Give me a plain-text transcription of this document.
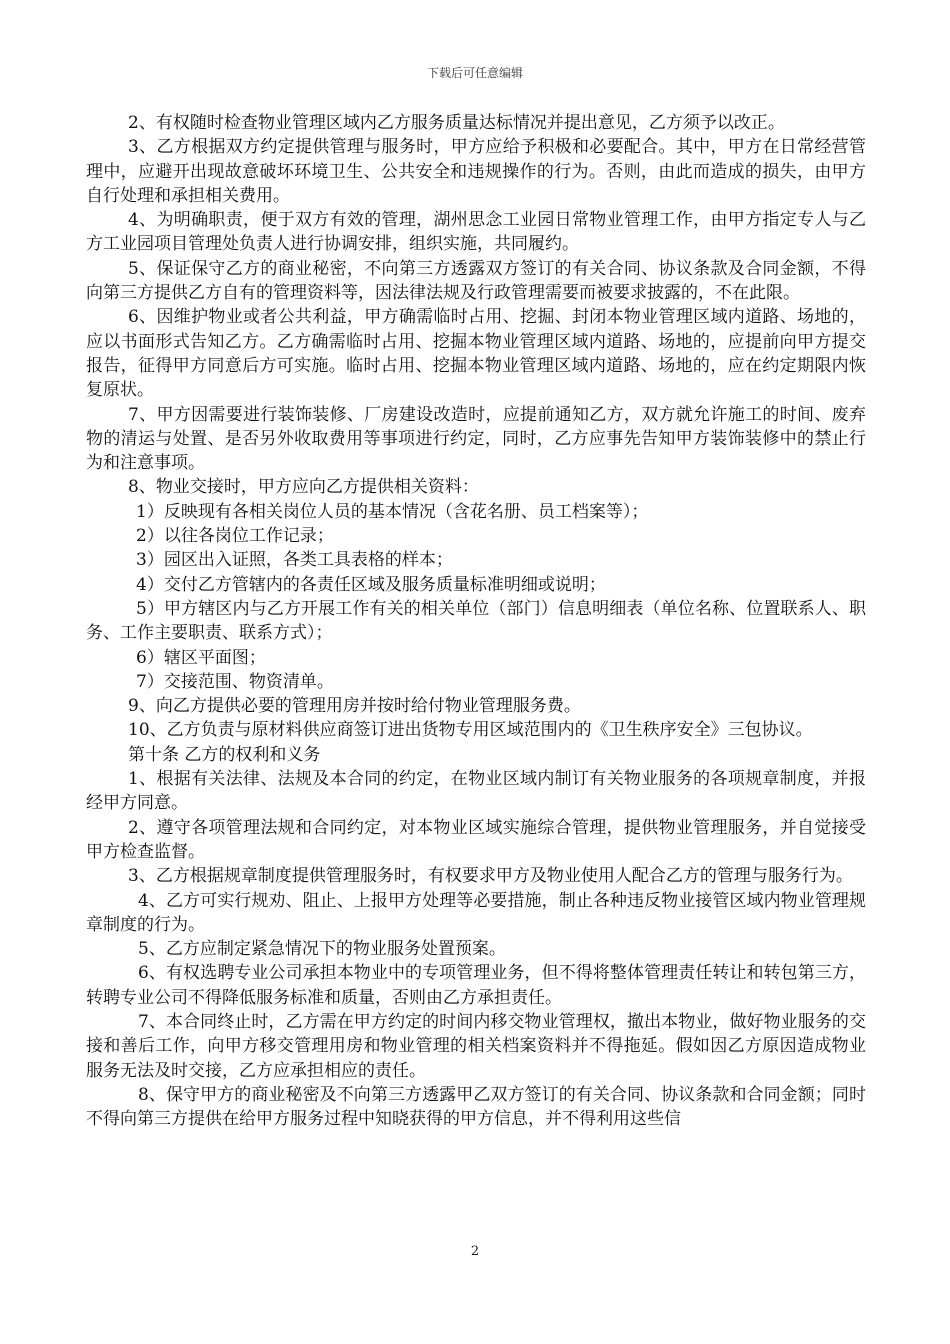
下载后可任意编辑

2、有权随时检查物业管理区域内乙方服务质量达标情况并提出意见，乙方须予以改正。

3、乙方根据双方约定提供管理与服务时，甲方应给予积极和必要配合。其中，甲方在日常经营管理中，应避开出现故意破坏环境卫生、公共安全和违规操作的行为。否则，由此而造成的损失，由甲方自行处理和承担相关费用。

4、为明确职责，便于双方有效的管理，湖州思念工业园日常物业管理工作，由甲方指定专人与乙方工业园项目管理处负责人进行协调安排，组织实施，共同履约。

5、保证保守乙方的商业秘密，不向第三方透露双方签订的有关合同、协议条款及合同金额，不得向第三方提供乙方自有的管理资料等，因法律法规及行政管理需要而被要求披露的，不在此限。

6、因维护物业或者公共利益，甲方确需临时占用、挖掘、封闭本物业管理区域内道路、场地的，应以书面形式告知乙方。乙方确需临时占用、挖掘本物业管理区域内道路、场地的，应提前向甲方提交报告，征得甲方同意后方可实施。临时占用、挖掘本物业管理区域内道路、场地的，应在约定期限内恢复原状。

7、甲方因需要进行装饰装修、厂房建设改造时，应提前通知乙方，双方就允许施工的时间、废弃物的清运与处置、是否另外收取费用等事项进行约定，同时，乙方应事先告知甲方装饰装修中的禁止行为和注意事项。

8、物业交接时，甲方应向乙方提供相关资料：

1）反映现有各相关岗位人员的基本情况（含花名册、员工档案等）；

2）以往各岗位工作记录；

3）园区出入证照，各类工具表格的样本；

4）交付乙方管辖内的各责任区域及服务质量标准明细或说明；

5）甲方辖区内与乙方开展工作有关的相关单位（部门）信息明细表（单位名称、位置联系人、职务、工作主要职责、联系方式）；

6）辖区平面图；

7）交接范围、物资清单。

9、向乙方提供必要的管理用房并按时给付物业管理服务费。

10、乙方负责与原材料供应商签订进出货物专用区域范围内的《卫生秩序安全》三包协议。

第十条 乙方的权利和义务

1、根据有关法律、法规及本合同的约定，在物业区域内制订有关物业服务的各项规章制度，并报经甲方同意。

2、遵守各项管理法规和合同约定，对本物业区域实施综合管理，提供物业管理服务，并自觉接受甲方检查监督。

3、乙方根据规章制度提供管理服务时，有权要求甲方及物业使用人配合乙方的管理与服务行为。

4、乙方可实行规劝、阻止、上报甲方处理等必要措施，制止各种违反物业接管区域内物业管理规章制度的行为。

5、乙方应制定紧急情况下的物业服务处置预案。

6、有权选聘专业公司承担本物业中的专项管理业务，但不得将整体管理责任转让和转包第三方，转聘专业公司不得降低服务标准和质量，否则由乙方承担责任。

7、本合同终止时，乙方需在甲方约定的时间内移交物业管理权，撤出本物业，做好物业服务的交接和善后工作，向甲方移交管理用房和物业管理的相关档案资料并不得拖延。假如因乙方原因造成物业服务无法及时交接，乙方应承担相应的责任。

8、保守甲方的商业秘密及不向第三方透露甲乙双方签订的有关合同、协议条款和合同金额；同时不得向第三方提供在给甲方服务过程中知晓获得的甲方信息，并不得利用这些信

2
